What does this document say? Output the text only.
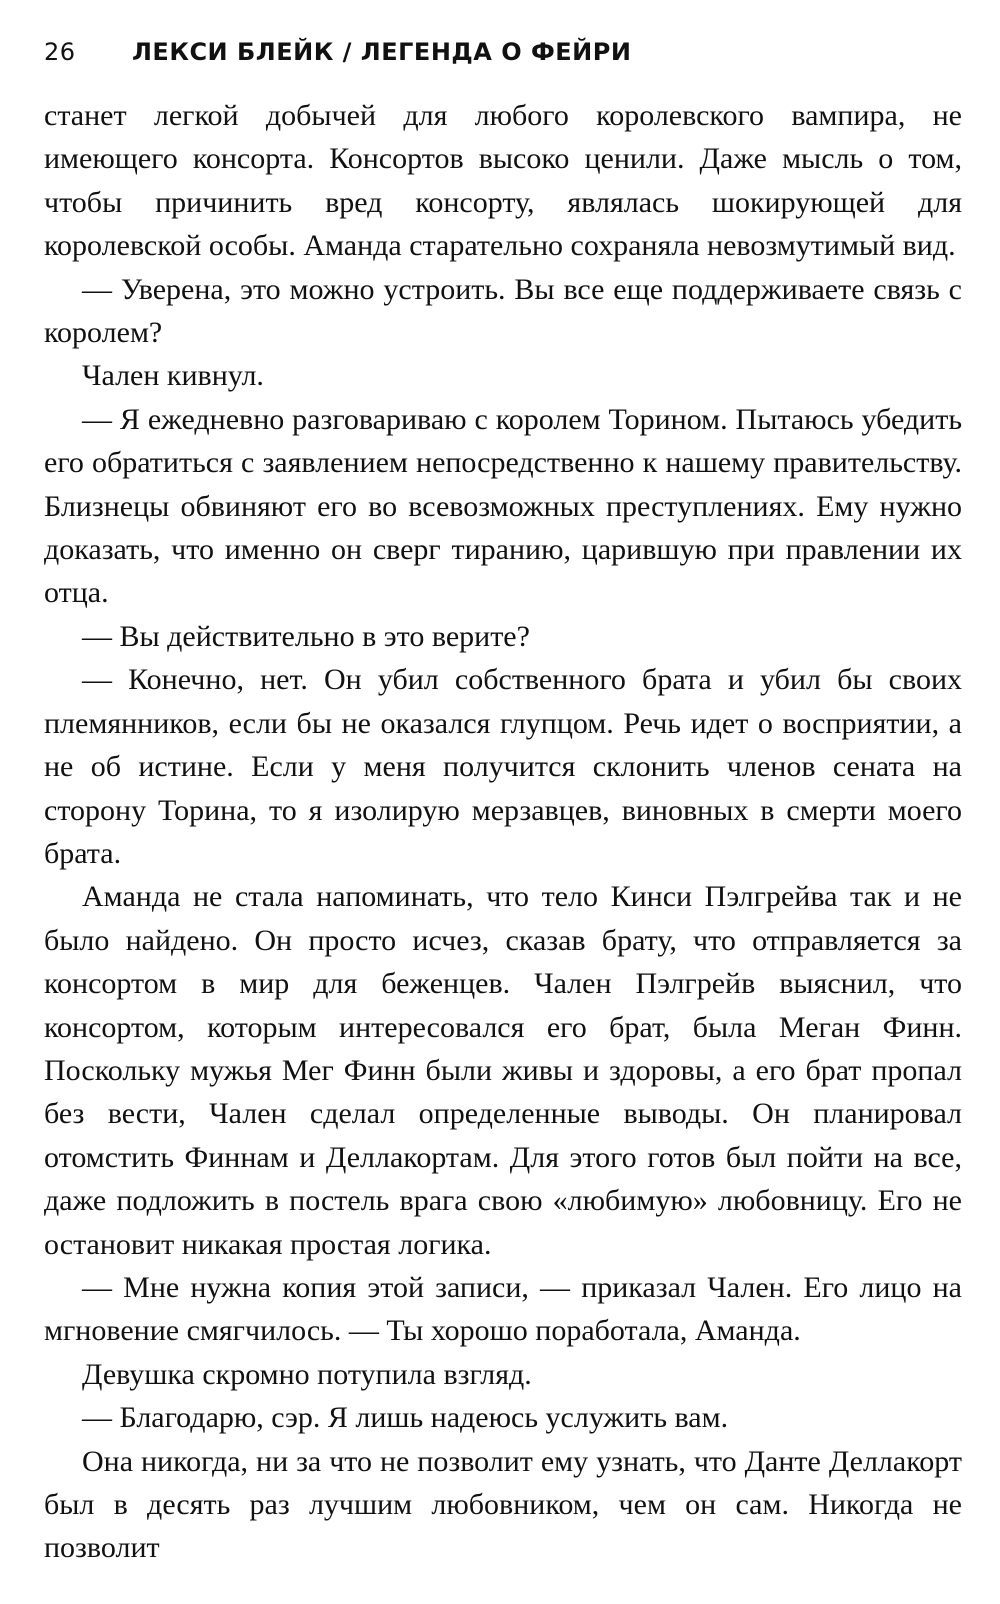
26	ЛЕКСИ БЛЕЙК / ЛЕГЕНДА О ФЕЙРИ

станет легкой добычей для любого королевского вампира, не имеющего консорта. Консортов высоко ценили. Даже мысль о том, чтобы причинить вред консорту, являлась шокирующей для королевской особы. Аманда старательно сохраняла невозмутимый вид.

— Уверена, это можно устроить. Вы все еще поддерживаете связь с королем?

Чален кивнул.

— Я ежедневно разговариваю с королем Торином. Пытаюсь убедить его обратиться с заявлением непосредственно к нашему правительству. Близнецы обвиняют его во всевозможных преступлениях. Ему нужно доказать, что именно он сверг тиранию, царившую при правлении их отца.

— Вы действительно в это верите?

— Конечно, нет. Он убил собственного брата и убил бы своих племянников, если бы не оказался глупцом. Речь идет о восприятии, а не об истине. Если у меня получится склонить членов сената на сторону Торина, то я изолирую мерзавцев, виновных в смерти моего брата.

Аманда не стала напоминать, что тело Кинси Пэлгрейва так и не было найдено. Он просто исчез, сказав брату, что отправляется за консортом в мир для беженцев. Чален Пэлгрейв выяснил, что консортом, которым интересовался его брат, была Меган Финн. Поскольку мужья Мег Финн были живы и здоровы, а его брат пропал без вести, Чален сделал определенные выводы. Он планировал отомстить Финнам и Деллакортам. Для этого готов был пойти на все, даже подложить в постель врага свою «любимую» любовницу. Его не остановит никакая простая логика.

— Мне нужна копия этой записи, — приказал Чален. Его лицо на мгновение смягчилось. — Ты хорошо поработала, Аманда.

Девушка скромно потупила взгляд.

— Благодарю, сэр. Я лишь надеюсь услужить вам.

Она никогда, ни за что не позволит ему узнать, что Данте Деллакорт был в десять раз лучшим любовником, чем он сам. Никогда не позволит
